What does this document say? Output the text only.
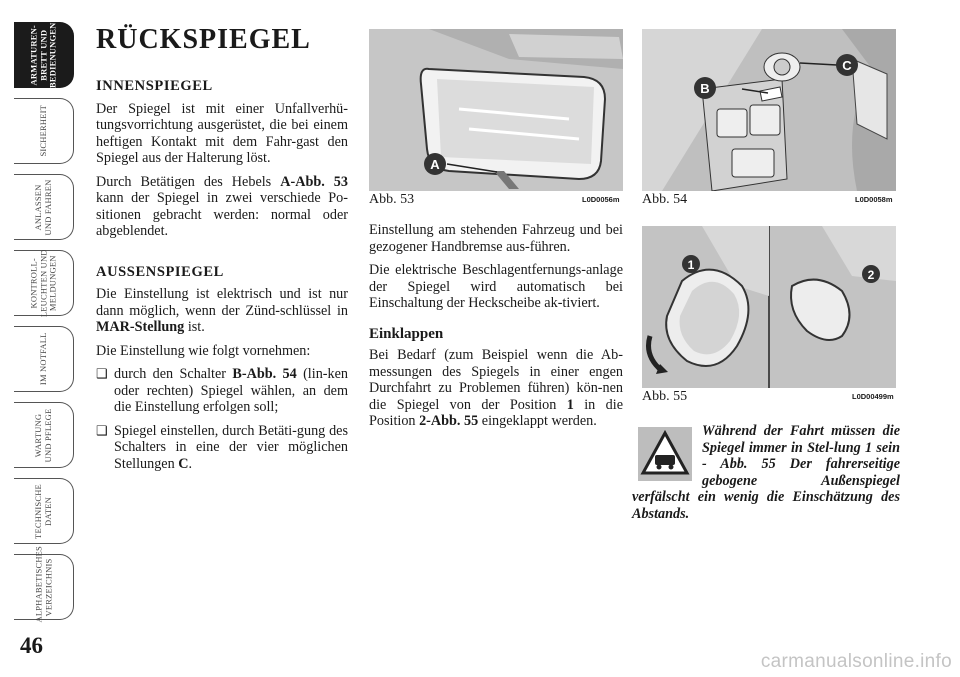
ARMATUREN-
BRETT UND
BEDIENUNGEN
SICHERHEIT
ANLASSEN
UND FAHREN
KONTROLL-
LEUCHTEN UND
MELDUNGEN
IM NOTFALL
WARTUNG
UND PFLEGE
TECHNISCHE
DATEN
ALPHABETISCHES
VERZEICHNIS
46
RÜCKSPIEGEL
INNENSPIEGEL

Der Spiegel ist mit einer Unfallverhü-tungsvorrichtung ausgerüstet, die bei einem heftigen Kontakt mit dem Fahr-gast den Spiegel aus der Halterung löst.

Durch Betätigen des Hebels A-Abb. 53 kann der Spiegel in zwei verschiede Po-sitionen gebracht werden: normal oder abgeblendet.

AUSSENSPIEGEL

Die Einstellung ist elektrisch und ist nur dann möglich, wenn der Zünd-schlüssel in MAR-Stellung ist.

Die Einstellung wie folgt vornehmen:

❑ durch den Schalter B-Abb. 54 (lin-ken oder rechten) Spiegel wählen, an dem die Einstellung erfolgen soll;
❑ Spiegel einstellen, durch Betäti-gung des Schalters in eine der vier möglichen Stellungen C.
A
Abb. 53	L0D0056m
B
C
Abb. 54	L0D0058m

Einstellung am stehenden Fahrzeug und bei gezogener Handbremse aus-führen.

Die elektrische Beschlagentfernungs-anlage der Spiegel wird automatisch bei Einschaltung der Heckscheibe ak-tiviert.

Einklappen

Bei Bedarf (zum Beispiel wenn die Ab-messungen des Spiegels in einer engen Durchfahrt zu Problemen führen) kön-nen die Spiegel von der Position 1 in die Position 2-Abb. 55 eingeklappt werden.

1
2
Abb. 55	L0D00499m
Während der Fahrt müssen die Spiegel immer in Stel-lung 1 sein - Abb. 55 Der fahrerseitige gebogene Außenspiegel verfälscht ein wenig die Einschätzung des Abstands.
carmanualsonline.info
